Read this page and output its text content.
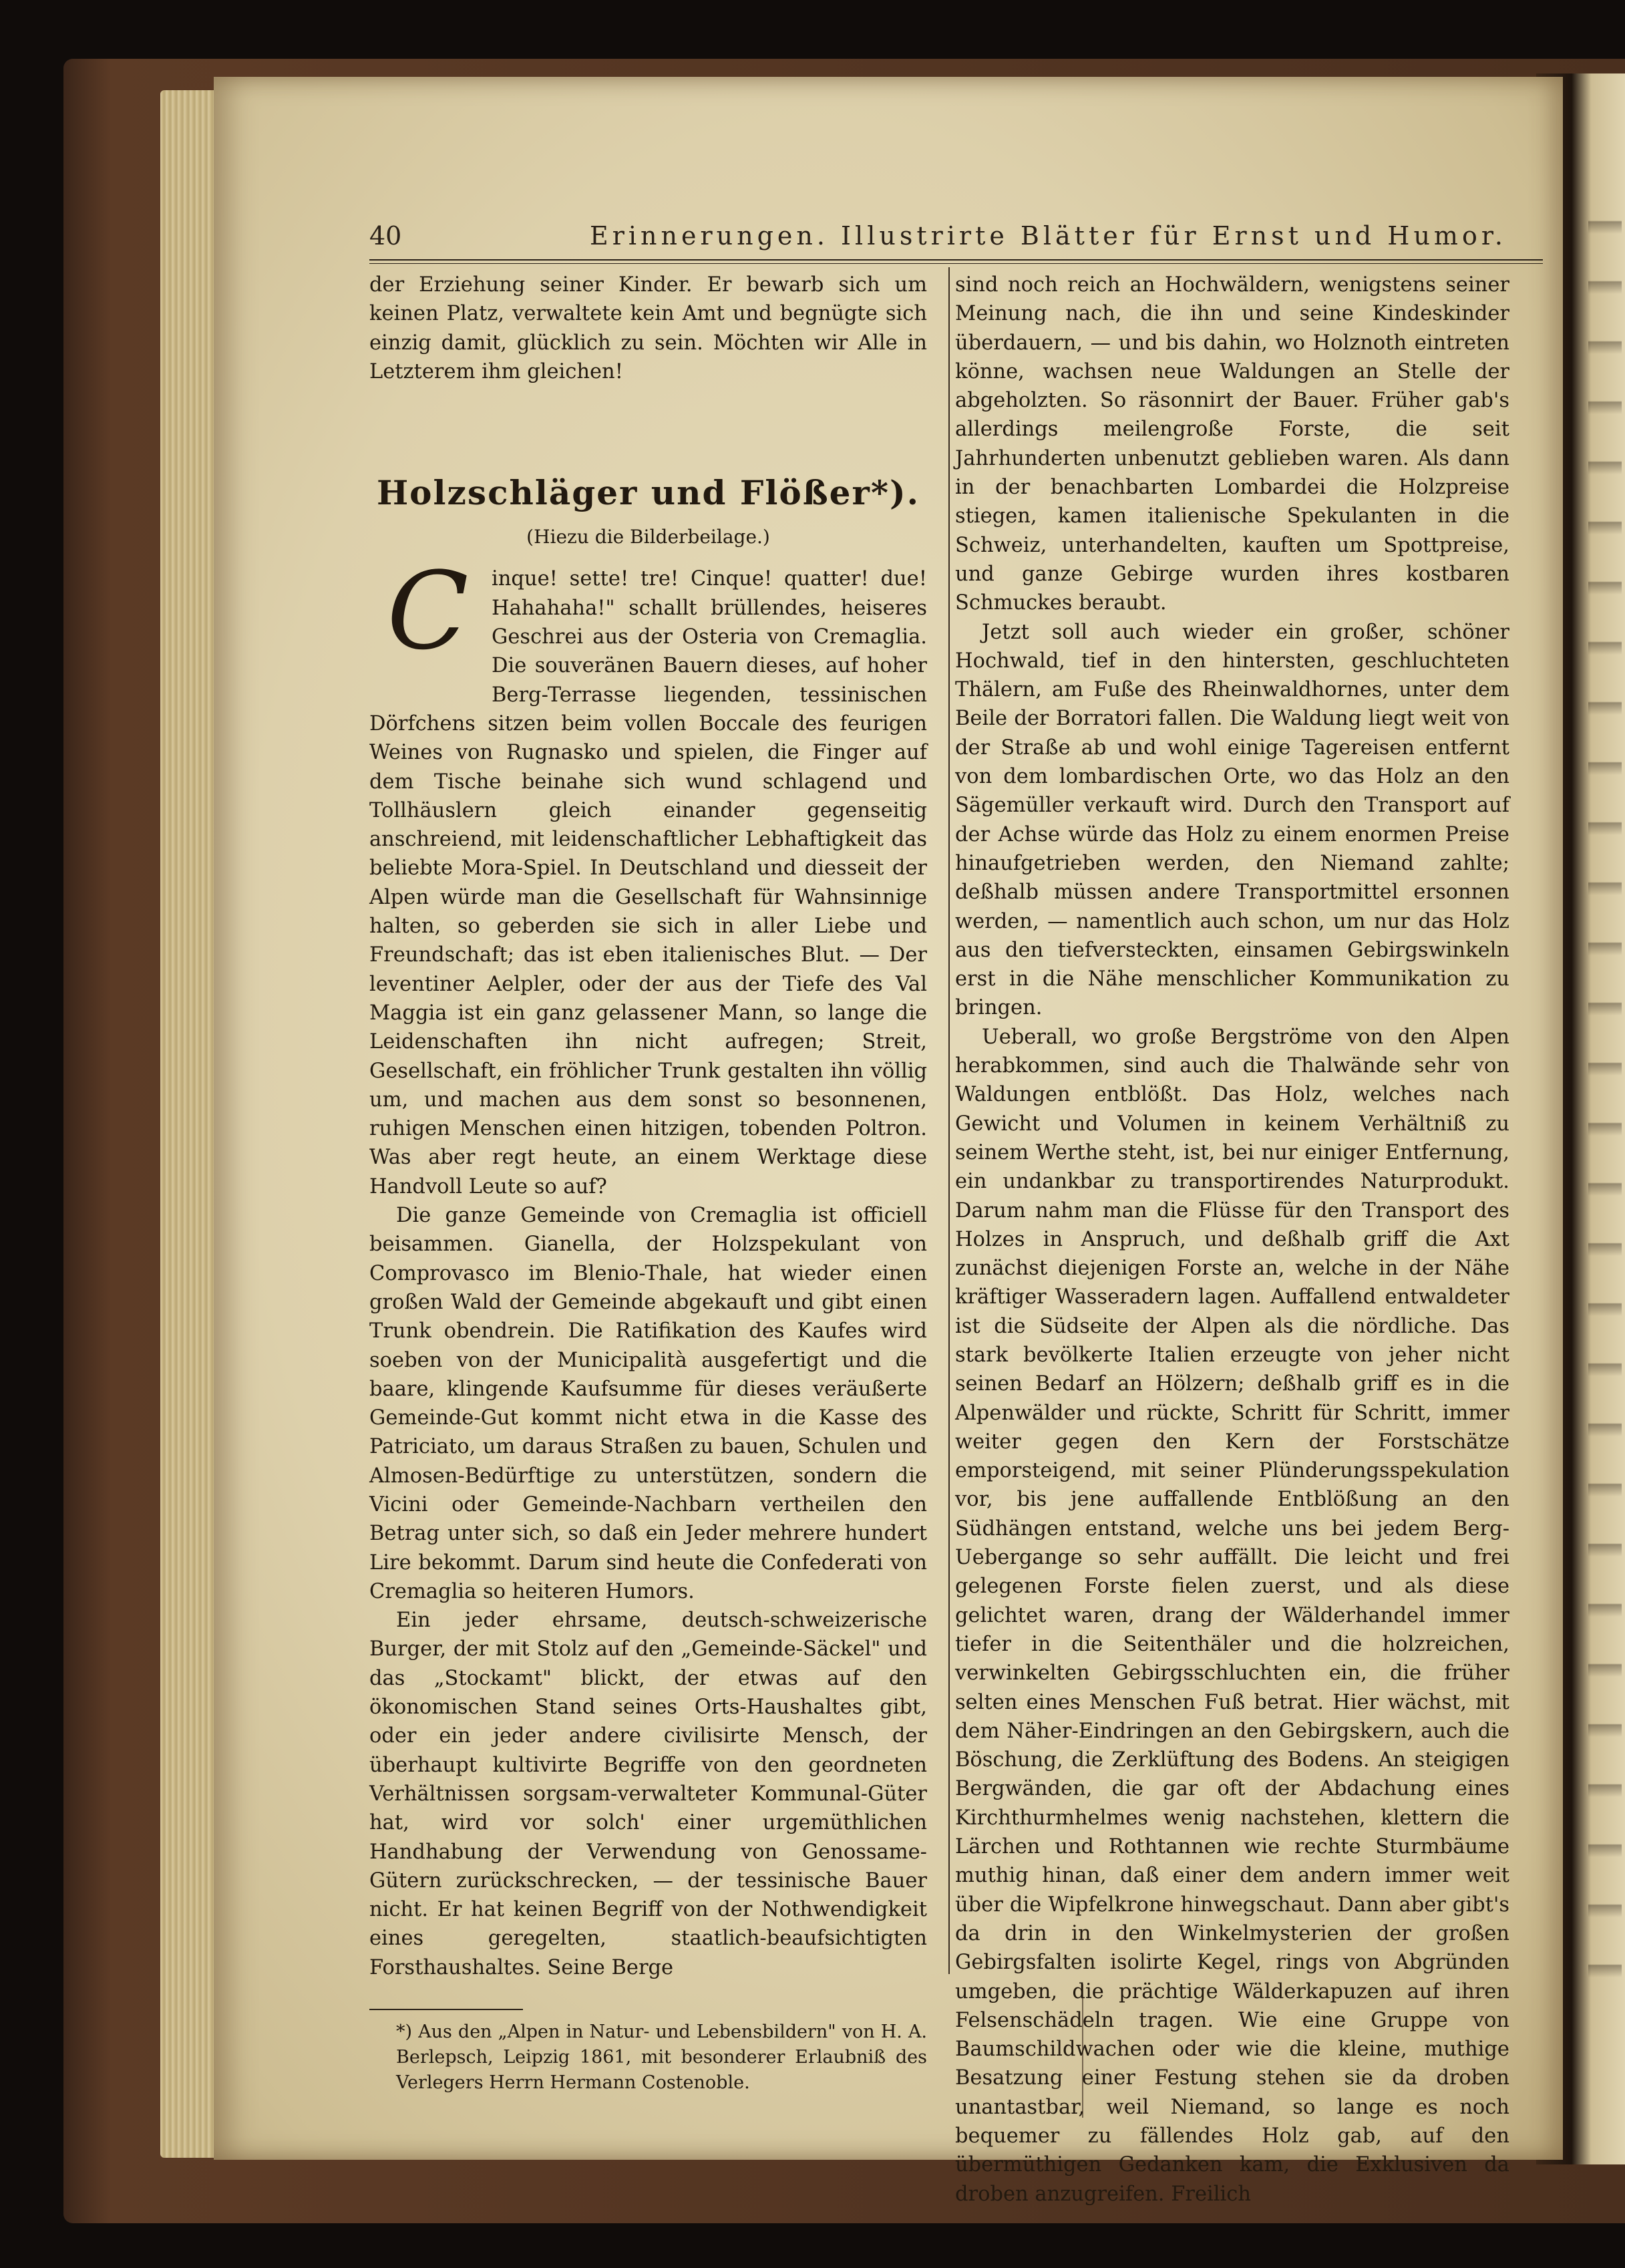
40	Erinnerungen. Illustrirte Blätter für Ernst und Humor.

der Erziehung seiner Kinder. Er bewarb sich um keinen Platz, verwaltete kein Amt und begnügte sich einzig damit, glücklich zu sein. Möchten wir Alle in Letzterem ihm gleichen!

Holzschläger und Flößer*).
(Hiezu die Bilderbeilage.)

C	inque! sette! tre! Cinque! quatter! due! Hahahaha!" schallt brüllendes, heiseres Geschrei aus der Osteria von Cremaglia. Die souveränen Bauern dieses, auf hoher Berg-Terrasse liegenden, tessinischen Dörfchens sitzen beim vollen Boccale des feurigen Weines von Rugnasko und spielen, die Finger auf dem Tische beinahe sich wund schlagend und Tollhäuslern gleich einander gegenseitig anschreiend, mit leidenschaftlicher Lebhaftigkeit das beliebte Mora-Spiel. In Deutschland und diesseit der Alpen würde man die Gesellschaft für Wahnsinnige halten, so geberden sie sich in aller Liebe und Freundschaft; das ist eben italienisches Blut. — Der leventiner Aelpler, oder der aus der Tiefe des Val Maggia ist ein ganz gelassener Mann, so lange die Leidenschaften ihn nicht aufregen; Streit, Gesellschaft, ein fröhlicher Trunk gestalten ihn völlig um, und machen aus dem sonst so besonnenen, ruhigen Menschen einen hitzigen, tobenden Poltron. Was aber regt heute, an einem Werktage diese Handvoll Leute so auf?

Die ganze Gemeinde von Cremaglia ist officiell beisammen. Gianella, der Holzspekulant von Comprovasco im Blenio-Thale, hat wieder einen großen Wald der Gemeinde abgekauft und gibt einen Trunk obendrein. Die Ratifikation des Kaufes wird soeben von der Municipalità ausgefertigt und die baare, klingende Kaufsumme für dieses veräußerte Gemeinde-Gut kommt nicht etwa in die Kasse des Patriciato, um daraus Straßen zu bauen, Schulen und Almosen-Bedürftige zu unterstützen, sondern die Vicini oder Gemeinde-Nachbarn vertheilen den Betrag unter sich, so daß ein Jeder mehrere hundert Lire bekommt. Darum sind heute die Confederati von Cremaglia so heiteren Humors.

Ein jeder ehrsame, deutsch-schweizerische Burger, der mit Stolz auf den „Gemeinde-Säckel" und das „Stockamt" blickt, der etwas auf den ökonomischen Stand seines Orts-Haushaltes gibt, oder ein jeder andere civilisirte Mensch, der überhaupt kultivirte Begriffe von den geordneten Verhältnissen sorgsam-verwalteter Kommunal-Güter hat, wird vor solch' einer urgemüthlichen Handhabung der Verwendung von Genossame-Gütern zurückschrecken, — der tessinische Bauer nicht. Er hat keinen Begriff von der Nothwendigkeit eines geregelten, staatlich-beaufsichtigten Forsthaushaltes. Seine Berge

*) Aus den „Alpen in Natur- und Lebensbildern" von H. A. Berlepsch, Leipzig 1861, mit besonderer Erlaubniß des Verlegers Herrn Hermann Costenoble.

sind noch reich an Hochwäldern, wenigstens seiner Meinung nach, die ihn und seine Kindeskinder überdauern, — und bis dahin, wo Holznoth eintreten könne, wachsen neue Waldungen an Stelle der abgeholzten. So räsonnirt der Bauer. Früher gab's allerdings meilengroße Forste, die seit Jahrhunderten unbenutzt geblieben waren. Als dann in der benachbarten Lombardei die Holzpreise stiegen, kamen italienische Spekulanten in die Schweiz, unterhandelten, kauften um Spottpreise, und ganze Gebirge wurden ihres kostbaren Schmuckes beraubt.

Jetzt soll auch wieder ein großer, schöner Hochwald, tief in den hintersten, geschluchteten Thälern, am Fuße des Rheinwaldhornes, unter dem Beile der Borratori fallen. Die Waldung liegt weit von der Straße ab und wohl einige Tagereisen entfernt von dem lombardischen Orte, wo das Holz an den Sägemüller verkauft wird. Durch den Transport auf der Achse würde das Holz zu einem enormen Preise hinaufgetrieben werden, den Niemand zahlte; deßhalb müssen andere Transportmittel ersonnen werden, — namentlich auch schon, um nur das Holz aus den tiefversteckten, einsamen Gebirgswinkeln erst in die Nähe menschlicher Kommunikation zu bringen.

Ueberall, wo große Bergströme von den Alpen herabkommen, sind auch die Thalwände sehr von Waldungen entblößt. Das Holz, welches nach Gewicht und Volumen in keinem Verhältniß zu seinem Werthe steht, ist, bei nur einiger Entfernung, ein undankbar zu transportirendes Naturprodukt. Darum nahm man die Flüsse für den Transport des Holzes in Anspruch, und deßhalb griff die Axt zunächst diejenigen Forste an, welche in der Nähe kräftiger Wasseradern lagen. Auffallend entwaldeter ist die Südseite der Alpen als die nördliche. Das stark bevölkerte Italien erzeugte von jeher nicht seinen Bedarf an Hölzern; deßhalb griff es in die Alpenwälder und rückte, Schritt für Schritt, immer weiter gegen den Kern der Forstschätze emporsteigend, mit seiner Plünderungsspekulation vor, bis jene auffallende Entblößung an den Südhängen entstand, welche uns bei jedem Berg-Uebergange so sehr auffällt. Die leicht und frei gelegenen Forste fielen zuerst, und als diese gelichtet waren, drang der Wälderhandel immer tiefer in die Seitenthäler und die holzreichen, verwinkelten Gebirgsschluchten ein, die früher selten eines Menschen Fuß betrat. Hier wächst, mit dem Näher-Eindringen an den Gebirgskern, auch die Böschung, die Zerklüftung des Bodens. An steigigen Bergwänden, die gar oft der Abdachung eines Kirchthurmhelmes wenig nachstehen, klettern die Lärchen und Rothtannen wie rechte Sturmbäume muthig hinan, daß einer dem andern immer weit über die Wipfelkrone hinwegschaut. Dann aber gibt's da drin in den Winkelmysterien der großen Gebirgsfalten isolirte Kegel, rings von Abgründen umgeben, die prächtige Wälderkapuzen auf ihren Felsenschädeln tragen. Wie eine Gruppe von Baumschildwachen oder wie die kleine, muthige Besatzung einer Festung stehen sie da droben unantastbar, weil Niemand, so lange es noch bequemer zu fällendes Holz gab, auf den übermüthigen Gedanken kam, die Exklusiven da droben anzugreifen. Freilich
